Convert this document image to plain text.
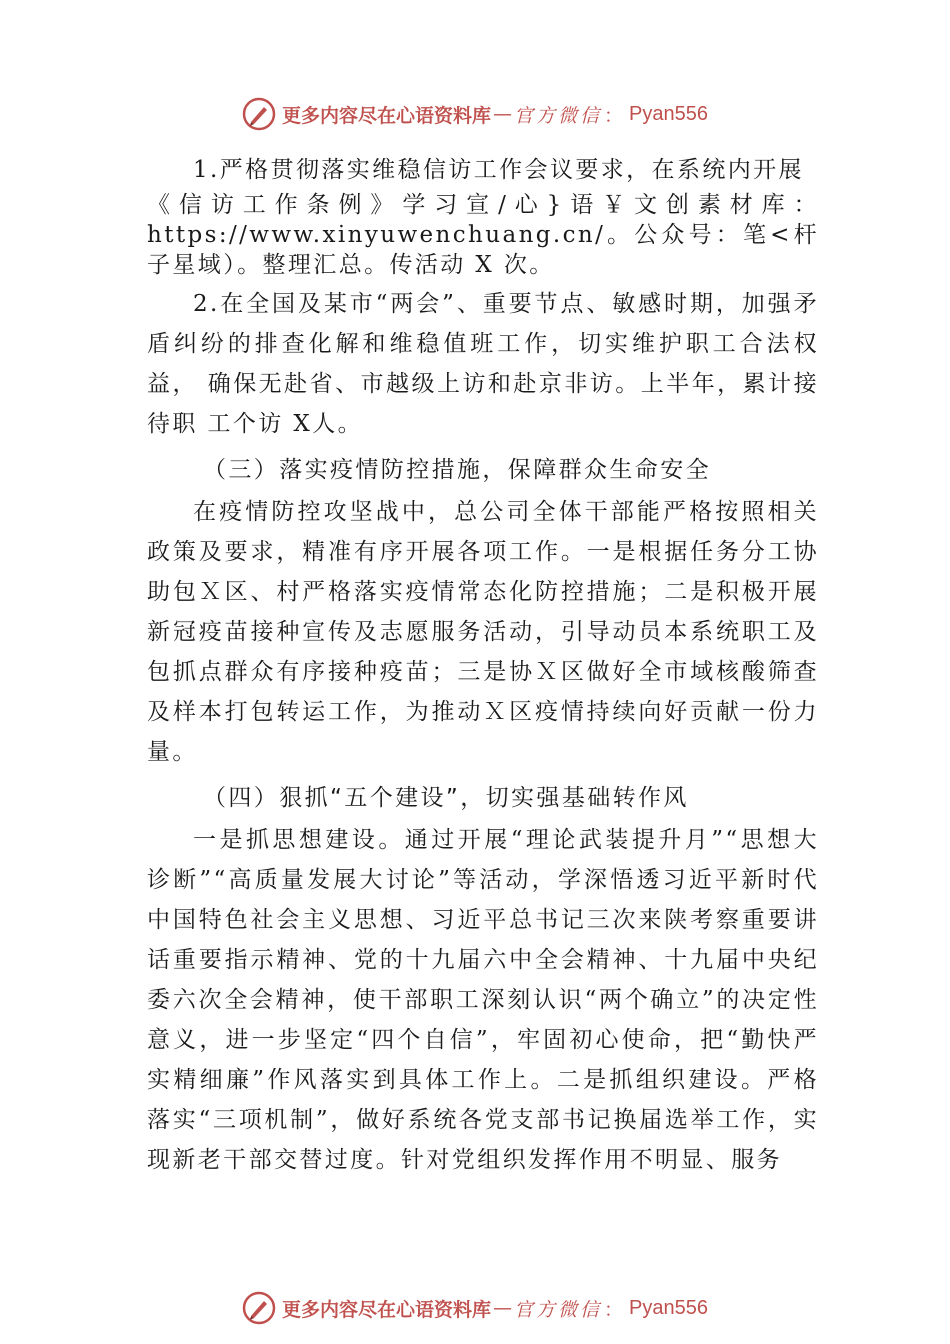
更多内容尽在心语资料库 — 官方微信 ： Pyan556

1.严格贯彻落实维稳信访工作会议要求，在系统内开展

《信访工作条例》学习宣/心}语￥文创素材库：https://www.xinyuwenchuang.cn/。公众号：笔<杆子星域）。整理汇总。传活动 X 次。

2.在全国及某市“两会”、重要节点、敏感时期，加强矛 盾纠纷的排查化解和维稳值班工作，切实维护职工合法权益， 确保无赴省、市越级上访和赴京非访。上半年，累计接待职 工个访 X人。

（三）落实疫情防控措施，保障群众生命安全

在疫情防控攻坚战中，总公司全体干部能严格按照相关政策及要求，精准有序开展各项工作。一是根据任务分工协助包Ｘ区、村严格落实疫情常态化防控措施；二是积极开展新冠疫苗接种宣传及志愿服务活动，引导动员本系统职工及包抓点群众有序接种疫苗；三是协Ｘ区做好全市域核酸筛查及样本打包转运工作，为推动Ｘ区疫情持续向好贡献一份力量。

（四）狠抓“五个建设”，切实强基础转作风

一是抓思想建设。通过开展“理论武装提升月”“思想大诊断”“高质量发展大讨论”等活动，学深悟透习近平新时代中国特色社会主义思想、习近平总书记三次来陕考察重要讲话重要指示精神、党的十九届六中全会精神、十九届中央纪委六次全会精神，使干部职工深刻认识“两个确立”的决定性意义，进一步坚定“四个自信”，牢固初心使命，把“勤快严实精细廉”作风落实到具体工作上。二是抓组织建设。严格落实“三项机制”，做好系统各党支部书记换届选举工作，实现新老干部交替过度。针对党组织发挥作用不明显、服务

更多内容尽在心语资料库 — 官方微信 ： Pyan556
